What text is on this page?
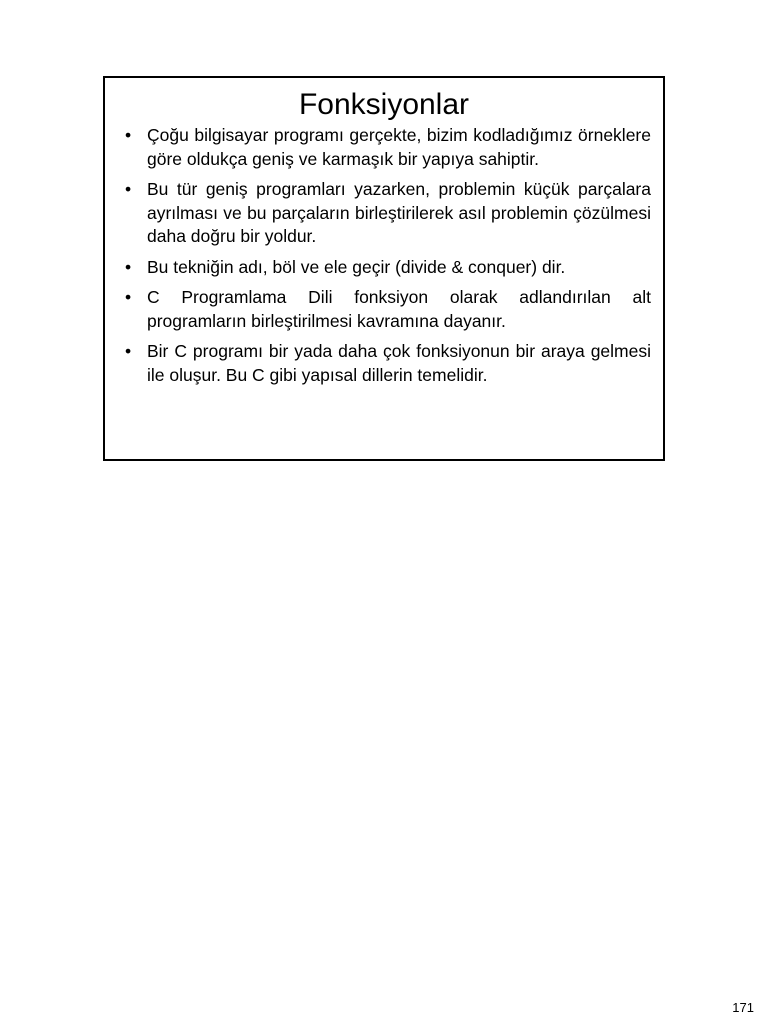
Fonksiyonlar
• Çoğu bilgisayar programı gerçekte, bizim kodladığımız örneklere göre oldukça geniş ve karmaşık bir yapıya sahiptir.
• Bu tür geniş programları yazarken, problemin küçük parçalara ayrılması ve bu parçaların birleştirilerek asıl problemin çözülmesi daha doğru bir yoldur.
• Bu tekniğin adı, böl ve ele geçir (divide & conquer) dir.
• C Programlama Dili fonksiyon olarak adlandırılan alt programların birleştirilmesi kavramına dayanır.
• Bir C programı bir yada daha çok fonksiyonun bir araya gelmesi ile oluşur. Bu C gibi yapısal dillerin temelidir.
171
